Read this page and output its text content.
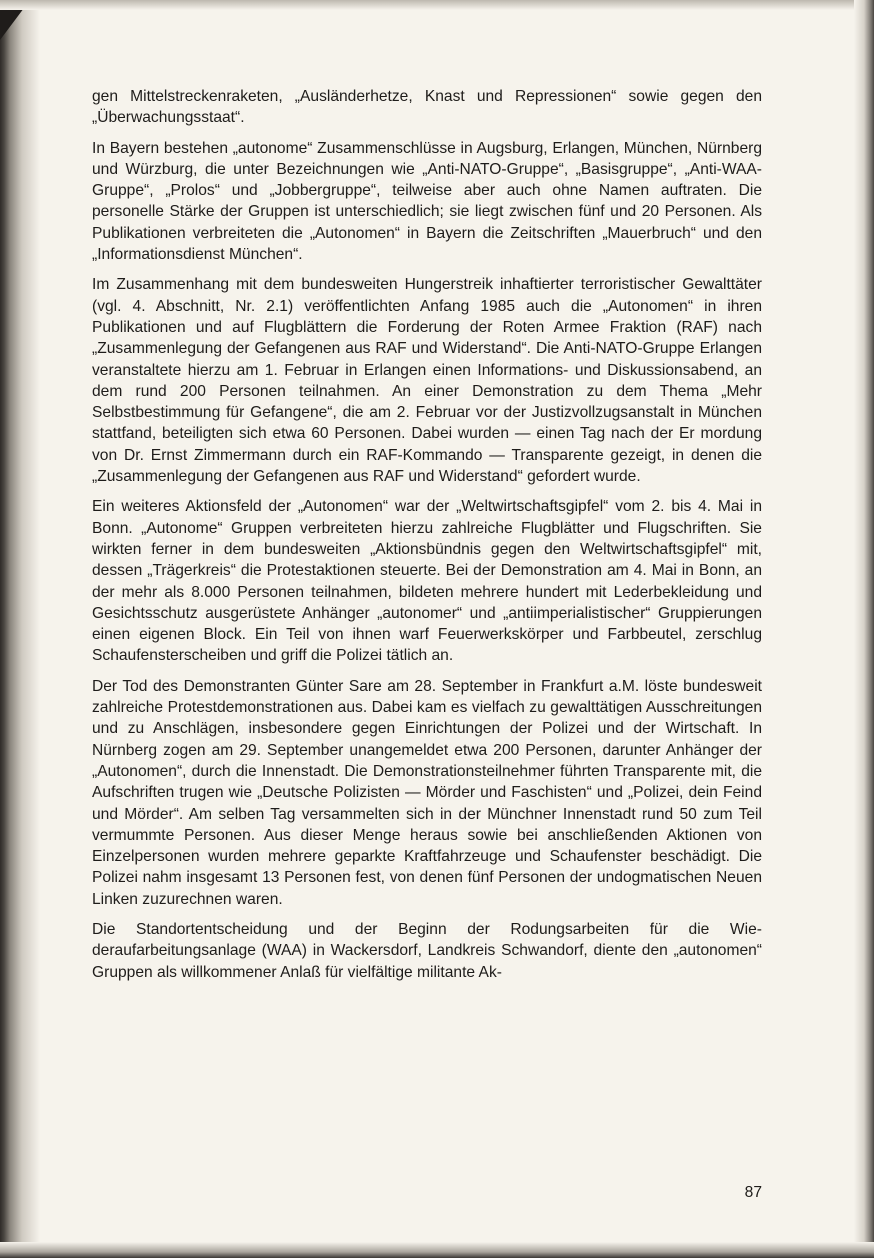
gen Mittelstreckenraketen, „Ausländerhetze, Knast und Repressionen“ sowie gegen den „Überwachungsstaat“.

In Bayern bestehen „autonome“ Zusammenschlüsse in Augsburg, Erlangen, München, Nürnberg und Würzburg, die unter Bezeichnungen wie „Anti-NATO-Gruppe“, „Basisgruppe“, „Anti-WAA-Gruppe“, „Prolos“ und „Jobbergruppe“, teilweise aber auch ohne Namen auftraten. Die personelle Stärke der Gruppen ist unterschiedlich; sie liegt zwischen fünf und 20 Personen. Als Publikationen verbreiteten die „Autonomen“ in Bayern die Zeitschriften „Mauerbruch“ und den „Informationsdienst München“.

Im Zusammenhang mit dem bundesweiten Hungerstreik inhaftierter terroristischer Gewalttäter (vgl. 4. Abschnitt, Nr. 2.1) veröffentlichten Anfang 1985 auch die „Autonomen“ in ihren Publikationen und auf Flugblättern die Forderung der Roten Armee Fraktion (RAF) nach „Zusammenlegung der Gefangenen aus RAF und Widerstand“. Die Anti-NATO-Gruppe Erlangen veranstaltete hierzu am 1. Februar in Erlangen einen Informations- und Diskussionsabend, an dem rund 200 Personen teilnahmen. An einer Demonstration zu dem Thema „Mehr Selbstbestimmung für Gefangene“, die am 2. Februar vor der Justizvollzugsanstalt in München stattfand, beteiligten sich etwa 60 Personen. Dabei wurden — einen Tag nach der Er mordung von Dr. Ernst Zimmermann durch ein RAF-Kommando — Transparente gezeigt, in denen die „Zusammenlegung der Gefangenen aus RAF und Widerstand“ gefordert wurde.

Ein weiteres Aktionsfeld der „Autonomen“ war der „Weltwirtschaftsgipfel“ vom 2. bis 4. Mai in Bonn. „Autonome“ Gruppen verbreiteten hierzu zahlreiche Flugblätter und Flugschriften. Sie wirkten ferner in dem bundesweiten „Aktionsbündnis gegen den Weltwirtschaftsgipfel“ mit, dessen „Trägerkreis“ die Protestaktionen steuerte. Bei der Demonstration am 4. Mai in Bonn, an der mehr als 8.000 Personen teilnahmen, bildeten mehrere hundert mit Lederbekleidung und Gesichtsschutz ausgerüstete Anhänger „autonomer“ und „antiimperialistischer“ Gruppierungen einen eigenen Block. Ein Teil von ihnen warf Feuerwerkskörper und Farbbeutel, zerschlug Schaufensterscheiben und griff die Polizei tätlich an.

Der Tod des Demonstranten Günter Sare am 28. September in Frankfurt a.M. löste bundesweit zahlreiche Protestdemonstrationen aus. Dabei kam es vielfach zu gewalttätigen Ausschreitungen und zu Anschlägen, insbesondere gegen Einrichtungen der Polizei und der Wirtschaft. In Nürnberg zogen am 29. September unangemeldet etwa 200 Personen, darunter Anhänger der „Autonomen“, durch die Innenstadt. Die Demonstrationsteilnehmer führten Transparente mit, die Aufschriften trugen wie „Deutsche Polizisten — Mörder und Faschisten“ und „Polizei, dein Feind und Mörder“. Am selben Tag versammelten sich in der Münchner Innenstadt rund 50 zum Teil vermummte Personen. Aus dieser Menge heraus sowie bei anschließenden Aktionen von Einzelpersonen wurden mehrere geparkte Kraftfahrzeuge und Schaufenster beschädigt. Die Polizei nahm insgesamt 13 Personen fest, von denen fünf Personen der undogmatischen Neuen Linken zuzurechnen waren.

Die Standortentscheidung und der Beginn der Rodungsarbeiten für die Wiederaufarbeitungsanlage (WAA) in Wackersdorf, Landkreis Schwandorf, diente den „autonomen“ Gruppen als willkommener Anlaß für vielfältige militante Ak-

87
